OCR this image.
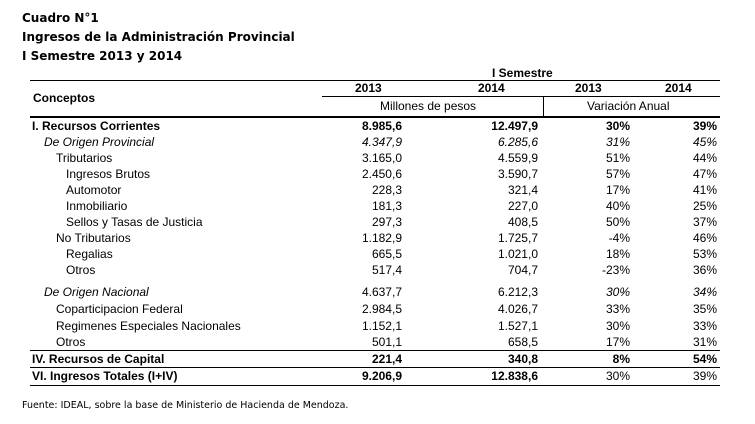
Cuadro N°1
Ingresos de la Administración Provincial
I Semestre 2013 y 2014
I Semestre
Conceptos
2013	2014	2013	2014
Millones de pesos	Variación Anual
I. Recursos Corrientes	8.985,6	12.497,9	30%	39%
De Origen Provincial	4.347,9	6.285,6	31%	45%
Tributarios	3.165,0	4.559,9	51%	44%
Ingresos Brutos	2.450,6	3.590,7	57%	47%
Automotor	228,3	321,4	17%	41%
Inmobiliario	181,3	227,0	40%	25%
Sellos y Tasas de Justicia	297,3	408,5	50%	37%
No Tributarios	1.182,9	1.725,7	-4%	46%
Regalias	665,5	1.021,0	18%	53%
Otros	517,4	704,7	-23%	36%
De Origen Nacional	4.637,7	6.212,3	30%	34%
Coparticipacion Federal	2.984,5	4.026,7	33%	35%
Regimenes Especiales Nacionales	1.152,1	1.527,1	30%	33%
Otros	501,1	658,5	17%	31%
IV. Recursos de Capital	221,4	340,8	8%	54%
VI. Ingresos Totales (I+IV)	9.206,9	12.838,6	30%	39%
Fuente: IDEAL, sobre la base de Ministerio de Hacienda de Mendoza.
